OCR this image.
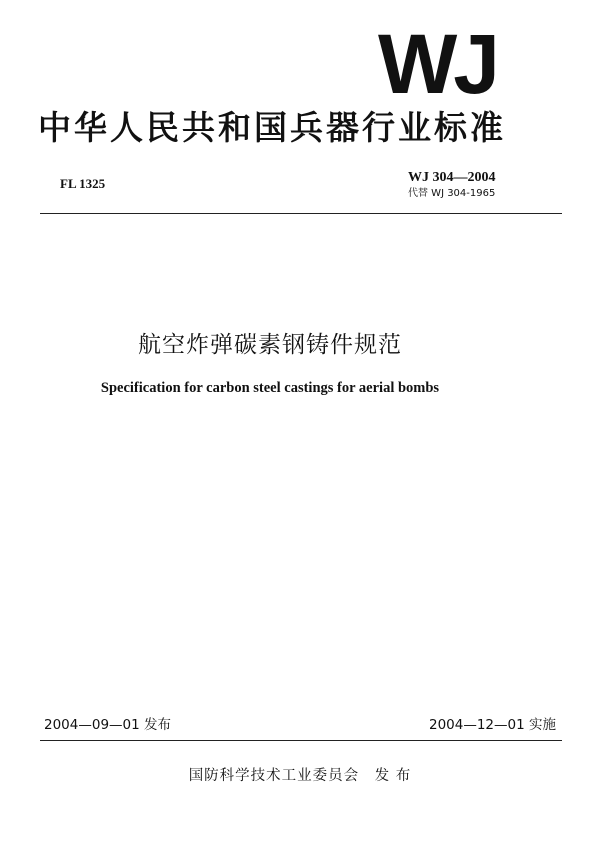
WJ
中华人民共和国兵器行业标准
FL 1325	WJ 304—2004
代替 WJ 304-1965
航空炸弹碳素钢铸件规范
Specification for carbon steel castings for aerial bombs
2004—09—01 发布	2004—12—01 实施
国防科学技术工业委员会　发 布
